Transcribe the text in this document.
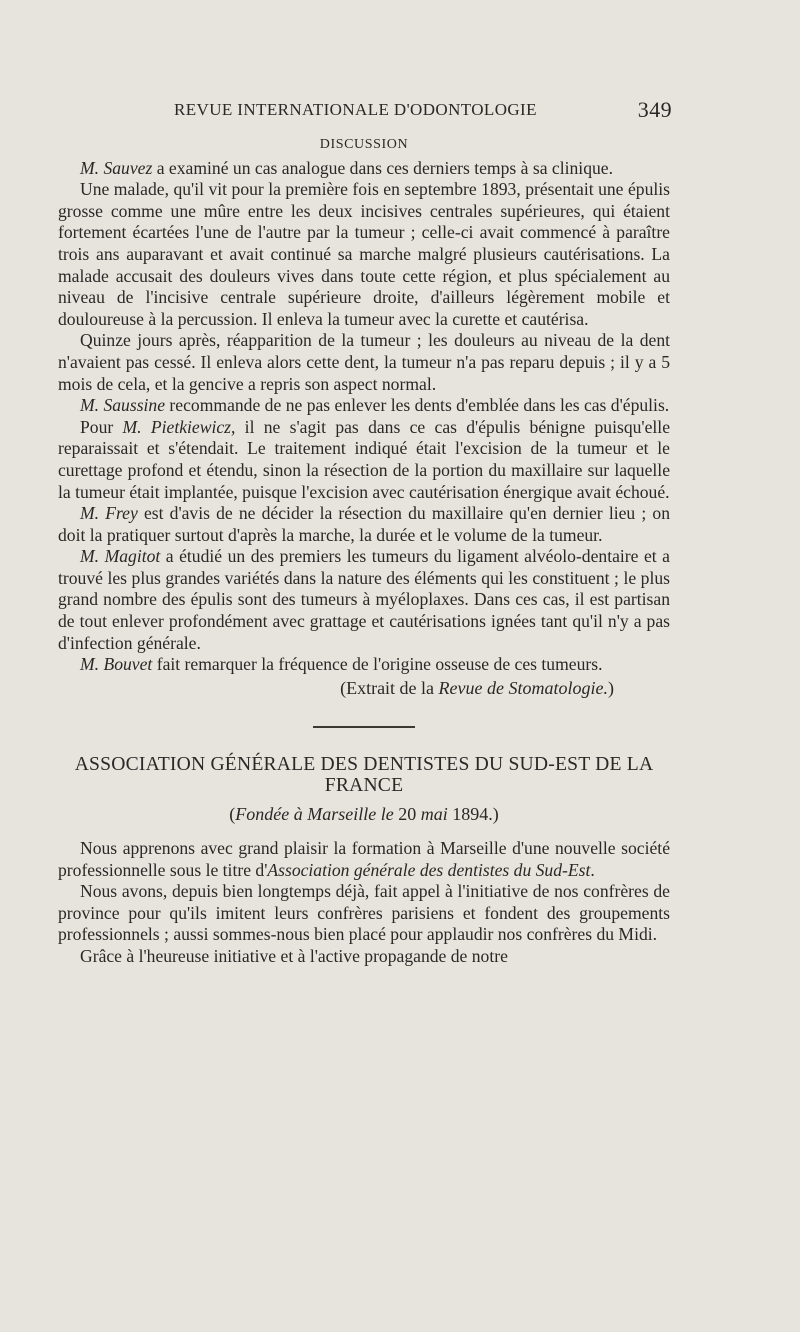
REVUE INTERNATIONALE D'ODONTOLOGIE	349

DISCUSSION

M. Sauvez a examiné un cas analogue dans ces derniers temps à sa clinique.

Une malade, qu'il vit pour la première fois en septembre 1893, présentait une épulis grosse comme une mûre entre les deux incisives centrales supérieures, qui étaient fortement écartées l'une de l'autre par la tumeur ; celle-ci avait commencé à paraître trois ans auparavant et avait continué sa marche malgré plusieurs cautérisations. La malade accusait des douleurs vives dans toute cette région, et plus spécialement au niveau de l'incisive centrale supérieure droite, d'ailleurs légèrement mobile et douloureuse à la percussion. Il enleva la tumeur avec la curette et cautérisa.

Quinze jours après, réapparition de la tumeur ; les douleurs au niveau de la dent n'avaient pas cessé. Il enleva alors cette dent, la tumeur n'a pas reparu depuis ; il y a 5 mois de cela, et la gencive a repris son aspect normal.

M. Saussine recommande de ne pas enlever les dents d'emblée dans les cas d'épulis.

Pour M. Pietkiewicz, il ne s'agit pas dans ce cas d'épulis bénigne puisqu'elle reparaissait et s'étendait. Le traitement indiqué était l'excision de la tumeur et le curettage profond et étendu, sinon la résection de la portion du maxillaire sur laquelle la tumeur était implantée, puisque l'excision avec cautérisation énergique avait échoué.

M. Frey est d'avis de ne décider la résection du maxillaire qu'en dernier lieu ; on doit la pratiquer surtout d'après la marche, la durée et le volume de la tumeur.

M. Magitot a étudié un des premiers les tumeurs du ligament alvéolo-dentaire et a trouvé les plus grandes variétés dans la nature des éléments qui les constituent ; le plus grand nombre des épulis sont des tumeurs à myéloplaxes. Dans ces cas, il est partisan de tout enlever profondément avec grattage et cautérisations ignées tant qu'il n'y a pas d'infection générale.

M. Bouvet fait remarquer la fréquence de l'origine osseuse de ces tumeurs.

(Extrait de la Revue de Stomatologie.)

ASSOCIATION GÉNÉRALE DES DENTISTES DU SUD-EST DE LA FRANCE

(Fondée à Marseille le 20 mai 1894.)

Nous apprenons avec grand plaisir la formation à Marseille d'une nouvelle société professionnelle sous le titre d'Association générale des dentistes du Sud-Est.

Nous avons, depuis bien longtemps déjà, fait appel à l'initiative de nos confrères de province pour qu'ils imitent leurs confrères parisiens et fondent des groupements professionnels ; aussi sommes-nous bien placé pour applaudir nos confrères du Midi.

Grâce à l'heureuse initiative et à l'active propagande de notre
